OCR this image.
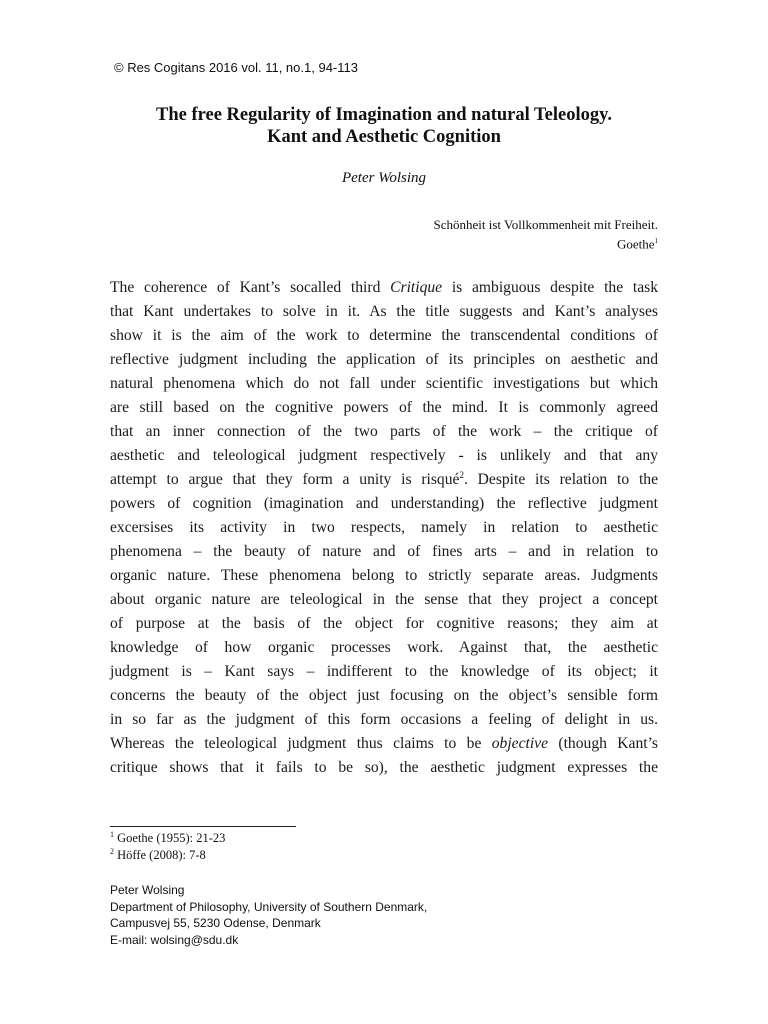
© Res Cogitans 2016 vol. 11, no.1, 94-113
The free Regularity of Imagination and natural Teleology.
Kant and Aesthetic Cognition
Peter Wolsing
Schönheit ist Vollkommenheit mit Freiheit.
Goethe$^1$
The coherence of Kant’s socalled third Critique is ambiguous despite the task
that Kant undertakes to solve in it. As the title suggests and Kant’s analyses
show it is the aim of the work to determine the transcendental conditions of
reflective judgment including the application of its principles on aesthetic and
natural phenomena which do not fall under scientific investigations but which
are still based on the cognitive powers of the mind. It is commonly agreed
that an inner connection of the two parts of the work – the critique of
aesthetic and teleological judgment respectively - is unlikely and that any
attempt to argue that they form a unity is risqué$^2$. Despite its relation to the
powers of cognition (imagination and understanding) the reflective judgment
excersises its activity in two respects, namely in relation to aesthetic
phenomena – the beauty of nature and of fines arts – and in relation to
organic nature. These phenomena belong to strictly separate areas. Judgments
about organic nature are teleological in the sense that they project a concept
of purpose at the basis of the object for cognitive reasons; they aim at
knowledge of how organic processes work. Against that, the aesthetic
judgment is – Kant says – indifferent to the knowledge of its object; it
concerns the beauty of the object just focusing on the object’s sensible form
in so far as the judgment of this form occasions a feeling of delight in us.
Whereas the teleological judgment thus claims to be objective (though Kant’s
critique shows that it fails to be so), the aesthetic judgment expresses the
$^1$ Goethe (1955): 21-23
$^2$ Höffe (2008): 7-8
Peter Wolsing
Department of Philosophy, University of Southern Denmark,
Campusvej 55, 5230 Odense, Denmark
E-mail: wolsing@sdu.dk
